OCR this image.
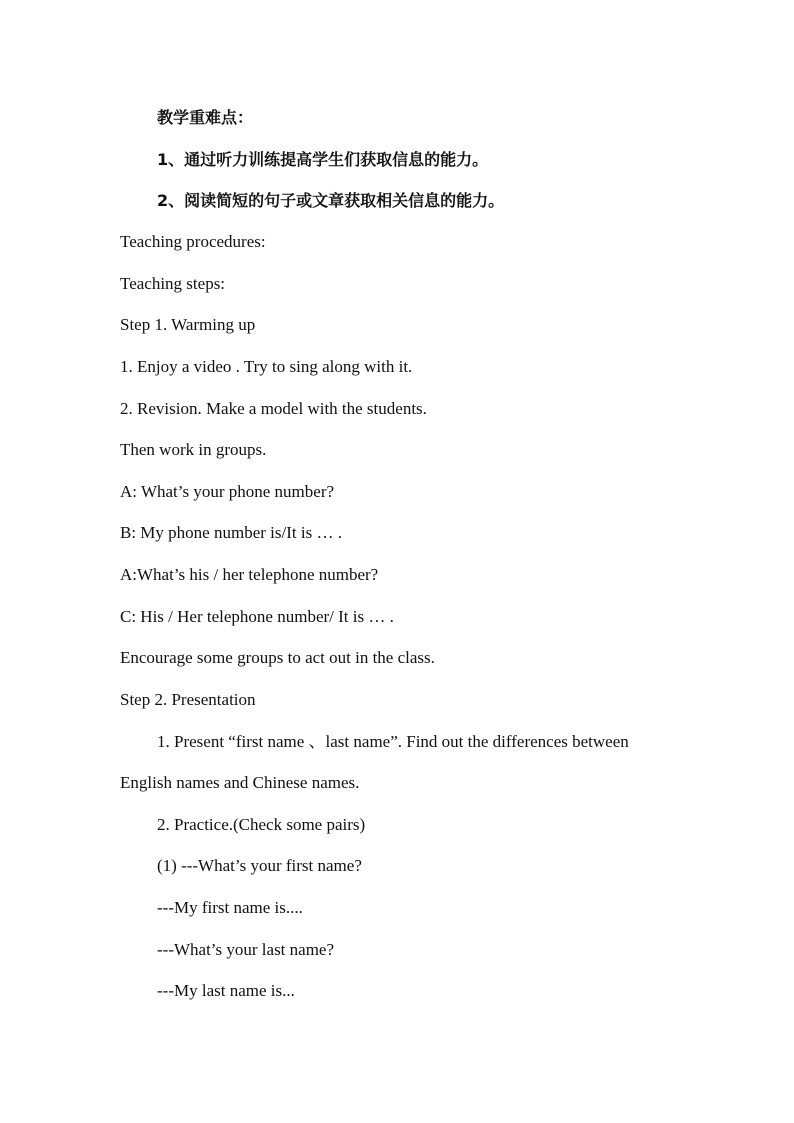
教学重难点：
1、通过听力训练提高学生们获取信息的能力。
2、阅读简短的句子或文章获取相关信息的能力。
Teaching procedures:
Teaching steps:
Step 1. Warming up
1. Enjoy a video . Try to sing along with it.
2. Revision. Make a model with the students.
Then work in groups.
A: What’s your phone number?
B: My phone number is/It is … .
A:What’s his / her telephone number?
C: His / Her telephone number/ It is … .
Encourage some groups to act out in the class.
Step 2. Presentation
1. Present “first name 、last name”. Find out the differences between
English names and Chinese names.
2. Practice.(Check some pairs)
(1) ---What’s your first name?
---My first name is....
---What’s your last name?
---My last name is...
